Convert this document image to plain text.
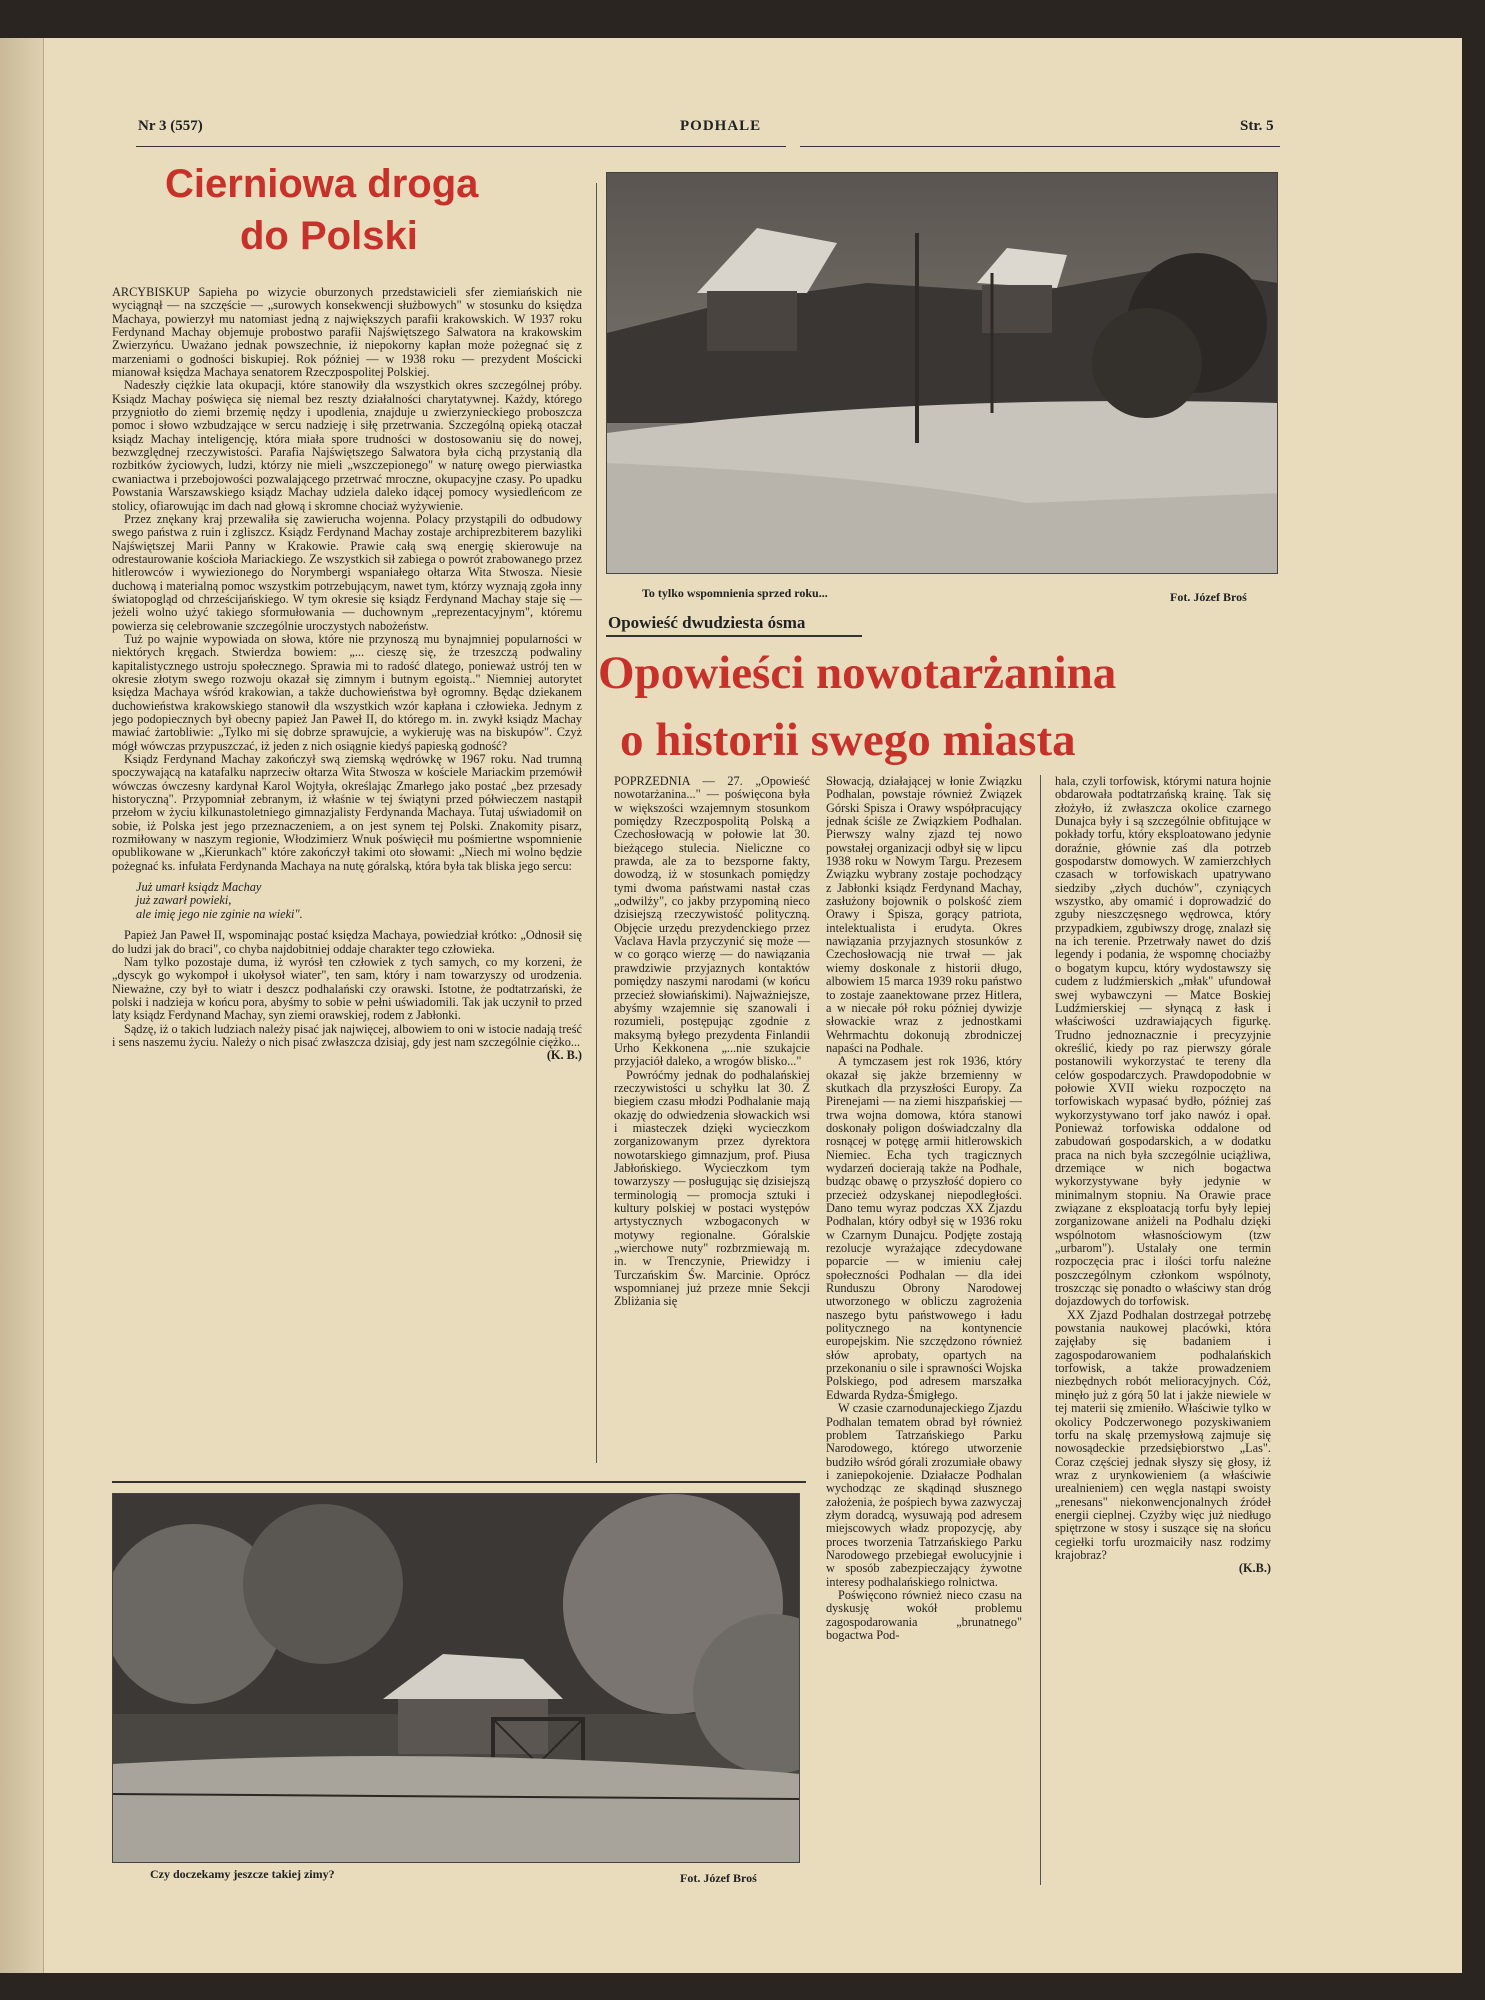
Nr 3 (557)	PODHALE	Str. 5
Cierniowa droga
do Polski

ARCYBISKUP Sapieha po wizycie oburzonych przedstawicieli sfer ziemiańskich nie wyciągnął — na szczęście — „surowych konsekwencji służbowych" w stosunku do księdza Machaya, powierzył mu natomiast jedną z największych parafii krakowskich. W 1937 roku Ferdynand Machay objemuje probostwo parafii Najświętszego Salwatora na krakowskim Zwierzyńcu. Uważano jednak powszechnie, iż niepokorny kapłan może pożegnać się z marzeniami o godności biskupiej. Rok później — w 1938 roku — prezydent Mościcki mianował księdza Machaya senatorem Rzeczpospolitej Polskiej.

Nadeszły ciężkie lata okupacji, które stanowiły dla wszystkich okres szczególnej próby. Ksiądz Machay poświęca się niemal bez reszty działalności charytatywnej. Każdy, którego przygniotło do ziemi brzemię nędzy i upodlenia, znajduje u zwierzynieckiego proboszcza pomoc i słowo wzbudzające w sercu nadzieję i siłę przetrwania. Szczególną opieką otaczał ksiądz Machay inteligencję, która miała spore trudności w dostosowaniu się do nowej, bezwzględnej rzeczywistości. Parafia Najświętszego Salwatora była cichą przystanią dla rozbitków życiowych, ludzi, którzy nie mieli „wszczepionego" w naturę owego pierwiastka cwaniactwa i przebojowości pozwalającego przetrwać mroczne, okupacyjne czasy. Po upadku Powstania Warszawskiego ksiądz Machay udziela daleko idącej pomocy wysiedleńcom ze stolicy, ofiarowując im dach nad głową i skromne chociaż wyżywienie.

Przez znękany kraj przewaliła się zawierucha wojenna. Polacy przystąpili do odbudowy swego państwa z ruin i zgliszcz. Ksiądz Ferdynand Machay zostaje archiprezbiterem bazyliki Najświętszej Marii Panny w Krakowie. Prawie całą swą energię skierowuje na odrestaurowanie kościoła Mariackiego. Ze wszystkich sił zabiega o powrót zrabowanego przez hitlerowców i wywiezionego do Norymbergi wspaniałego ołtarza Wita Stwosza. Niesie duchową i materialną pomoc wszystkim potrzebującym, nawet tym, którzy wyznają zgoła inny światopogląd od chrześcijańskiego. W tym okresie się ksiądz Ferdynand Machay staje się — jeżeli wolno użyć takiego sformułowania — duchownym „reprezentacyjnym", któremu powierza się celebrowanie szczególnie uroczystych nabożeństw.

Tuż po wajnie wypowiada on słowa, które nie przynoszą mu bynajmniej popularności w niektórych kręgach. Stwierdza bowiem: „... cieszę się, że trzeszczą podwaliny kapitalistycznego ustroju społecznego. Sprawia mi to radość dlatego, ponieważ ustrój ten w okresie złotym swego rozwoju okazał się zimnym i butnym egoistą.." Niemniej autorytet księdza Machaya wśród krakowian, a także duchowieństwa był ogromny. Będąc dziekanem duchowieństwa krakowskiego stanowił dla wszystkich wzór kapłana i człowieka. Jednym z jego podopiecznych był obecny papież Jan Paweł II, do którego m. in. zwykł ksiądz Machay mawiać żartobliwie: „Tylko mi się dobrze sprawujcie, a wykieruję was na biskupów". Czyż mógł wówczas przypuszczać, iż jeden z nich osiągnie kiedyś papieską godność?

Ksiądz Ferdynand Machay zakończył swą ziemską wędrówkę w 1967 roku. Nad trumną spoczywającą na katafalku naprzeciw ołtarza Wita Stwosza w kościele Mariackim przemówił wówczas ówczesny kardynał Karol Wojtyła, określając Zmarłego jako postać „bez przesady historyczną". Przypomniał zebranym, iż właśnie w tej świątyni przed półwieczem nastąpił przełom w życiu kilkunastoletniego gimnazjalisty Ferdynanda Machaya. Tutaj uświadomił on sobie, iż Polska jest jego przeznaczeniem, a on jest synem tej Polski. Znakomity pisarz, rozmiłowany w naszym regionie, Włodzimierz Wnuk poświęcił mu pośmiertne wspomnienie opublikowane w „Kierunkach" które zakończył takimi oto słowami: „Niech mi wolno będzie pożegnać ks. infułata Ferdynanda Machaya na nutę góralską, która była tak bliska jego sercu:

Już umarł ksiądz Machay
już zawarł powieki,
ale imię jego nie zginie na wieki".

Papież Jan Paweł II, wspominając postać księdza Machaya, powiedział krótko: „Odnosił się do ludzi jak do braci", co chyba najdobitniej oddaje charakter tego człowieka.

Nam tylko pozostaje duma, iż wyrósł ten człowiek z tych samych, co my korzeni, że „dyscyk go wykompoł i ukołysoł wiater", ten sam, który i nam towarzyszy od urodzenia. Nieważne, czy był to wiatr i deszcz podhalański czy orawski. Istotne, że podtatrzański, że polski i nadzieja w końcu pora, abyśmy to sobie w pełni uświadomili. Tak jak uczynił to przed laty ksiądz Ferdynand Machay, syn ziemi orawskiej, rodem z Jabłonki.

Sądzę, iż o takich ludziach należy pisać jak najwięcej, albowiem to oni w istocie nadają treść i sens naszemu życiu. Należy o nich pisać zwłaszcza dzisiaj, gdy jest nam szczególnie ciężko...

(K. B.)

To tylko wspomnienia sprzed roku...	Fot. Józef Broś
Opowieść dwudziesta ósma
Opowieści nowotarżanina
o historii swego miasta

POPRZEDNIA — 27. „Opowieść nowotarżanina..." — poświęcona była w większości wzajemnym stosunkom pomiędzy Rzeczpospolitą Polską a Czechosłowacją w połowie lat 30. bieżącego stulecia. Nieliczne co prawda, ale za to bezsporne fakty, dowodzą, iż w stosunkach pomiędzy tymi dwoma państwami nastał czas „odwilży", co jakby przypominą nieco dzisiejszą rzeczywistość polityczną. Objęcie urzędu prezydenckiego przez Vaclava Havla przyczynić się może — w co gorąco wierzę — do nawiązania prawdziwie przyjaznych kontaktów pomiędzy naszymi narodami (w końcu przecież słowiańskimi). Najważniejsze, abyśmy wzajemnie się szanowali i rozumieli, postępując zgodnie z maksymą byłego prezydenta Finlandii Urho Kekkonena „...nie szukajcie przyjaciół daleko, a wrogów blisko..."

Powróćmy jednak do podhalańskiej rzeczywistości u schyłku lat 30. Z biegiem czasu młodzi Podhalanie mają okazję do odwiedzenia słowackich wsi i miasteczek dzięki wycieczkom zorganizowanym przez dyrektora nowotarskiego gimnazjum, prof. Piusa Jabłońskiego. Wycieczkom tym towarzyszy — posługując się dzisiejszą terminologią — promocja sztuki i kultury polskiej w postaci występów artystycznych wzbogaconych w motywy regionalne. Góralskie „wierchowe nuty" rozbrzmiewają m. in. w Trenczynie, Priewidzy i Turczańskim Św. Marcinie. Oprócz wspomnianej już przeze mnie Sekcji Zbliżania się

Słowacją, działającej w łonie Związku Podhalan, powstaje również Związek Górski Spisza i Orawy współpracujący jednak ściśle ze Związkiem Podhalan. Pierwszy walny zjazd tej nowo powstałej organizacji odbył się w lipcu 1938 roku w Nowym Targu. Prezesem Związku wybrany zostaje pochodzący z Jabłonki ksiądz Ferdynand Machay, zasłużony bojownik o polskość ziem Orawy i Spisza, gorący patriota, intelektualista i erudyta. Okres nawiązania przyjaznych stosunków z Czechosłowacją nie trwał — jak wiemy doskonale z historii długo, albowiem 15 marca 1939 roku państwo to zostaje zaanektowane przez Hitlera, a w niecałe pół roku później dywizje słowackie wraz z jednostkami Wehrmachtu dokonują zbrodniczej napaści na Podhale.

A tymczasem jest rok 1936, który okazał się jakże brzemienny w skutkach dla przyszłości Europy. Za Pirenejami — na ziemi hiszpańskiej — trwa wojna domowa, która stanowi doskonały poligon doświadczalny dla rosnącej w potęgę armii hitlerowskich Niemiec. Echa tych tragicznych wydarzeń docierają także na Podhale, budząc obawę o przyszłość dopiero co przecież odzyskanej niepodległości. Dano temu wyraz podczas XX Zjazdu Podhalan, który odbył się w 1936 roku w Czarnym Dunajcu. Podjęte zostają rezolucje wyrażające zdecydowane poparcie — w imieniu całej społeczności Podhalan — dla idei Runduszu Obrony Narodowej utworzonego w obliczu zagrożenia naszego bytu państwowego i ładu politycznego na kontynencie europejskim. Nie szczędzono również słów aprobaty, opartych na przekonaniu o sile i sprawności Wojska Polskiego, pod adresem marszałka Edwarda Rydza-Śmigłego.

W czasie czarnodunajeckiego Zjazdu Podhalan tematem obrad był również problem Tatrzańskiego Parku Narodowego, którego utworzenie budziło wśród górali zrozumiałe obawy i zaniepokojenie. Działacze Podhalan wychodząc ze skądinąd słusznego założenia, że pośpiech bywa zazwyczaj złym doradcą, wysuwają pod adresem miejscowych władz propozycję, aby proces tworzenia Tatrzańskiego Parku Narodowego przebiegał ewolucyjnie i w sposób zabezpieczający żywotne interesy podhalańskiego rolnictwa.

Poświęcono również nieco czasu na dyskusję wokół problemu zagospodarowania „brunatnego" bogactwa Pod-

hala, czyli torfowisk, którymi natura hojnie obdarowała podtatrzańską krainę. Tak się złożyło, iż zwłaszcza okolice czarnego Dunajca były i są szczególnie obfitujące w pokłady torfu, który eksploatowano jedynie doraźnie, głównie zaś dla potrzeb gospodarstw domowych. W zamierzchłych czasach w torfowiskach upatrywano siedziby „złych duchów", czyniących wszystko, aby omamić i doprowadzić do zguby nieszczęsnego wędrowca, który przypadkiem, zgubiwszy drogę, znalazł się na ich terenie. Przetrwały nawet do dziś legendy i podania, że wspomnę chociażby o bogatym kupcu, który wydostawszy się cudem z ludźmierskich „młak" ufundował swej wybawczyni — Matce Boskiej Ludźmierskiej — słynącą z łask i właściwości uzdrawiających figurkę. Trudno jednoznacznie i precyzyjnie określić, kiedy po raz pierwszy górale postanowili wykorzystać te tereny dla celów gospodarczych. Prawdopodobnie w połowie XVII wieku rozpoczęto na torfowiskach wypasać bydło, później zaś wykorzystywano torf jako nawóz i opał. Ponieważ torfowiska oddalone od zabudowań gospodarskich, a w dodatku praca na nich była szczególnie uciążliwa, drzemiące w nich bogactwa wykorzystywane były jedynie w minimalnym stopniu. Na Orawie prace związane z eksploatacją torfu były lepiej zorganizowane aniżeli na Podhalu dzięki wspólnotom własnościowym (tzw „urbarom"). Ustalały one termin rozpoczęcia prac i ilości torfu należne poszczególnym członkom wspólnoty, troszcząc się ponadto o właściwy stan dróg dojazdowych do torfowisk.

XX Zjazd Podhalan dostrzegał potrzebę powstania naukowej placówki, która zajęłaby się badaniem i zagospodarowaniem podhalańskich torfowisk, a także prowadzeniem niezbędnych robót melioracyjnych. Cóż, minęło już z górą 50 lat i jakże niewiele w tej materii się zmieniło. Właściwie tylko w okolicy Podczerwonego pozyskiwaniem torfu na skalę przemysłową zajmuje się nowosądeckie przedsiębiorstwo „Las". Coraz częściej jednak słyszy się głosy, iż wraz z urynkowieniem (a właściwie urealnieniem) cen węgla nastąpi swoisty „renesans" niekonwencjonalnych źródeł energii cieplnej. Czyżby więc już niedługo spiętrzone w stosy i suszące się na słońcu cegiełki torfu urozmaiciły nasz rodzimy krajobraz?

(K.B.)

Czy doczekamy jeszcze takiej zimy?	Fot. Józef Broś
